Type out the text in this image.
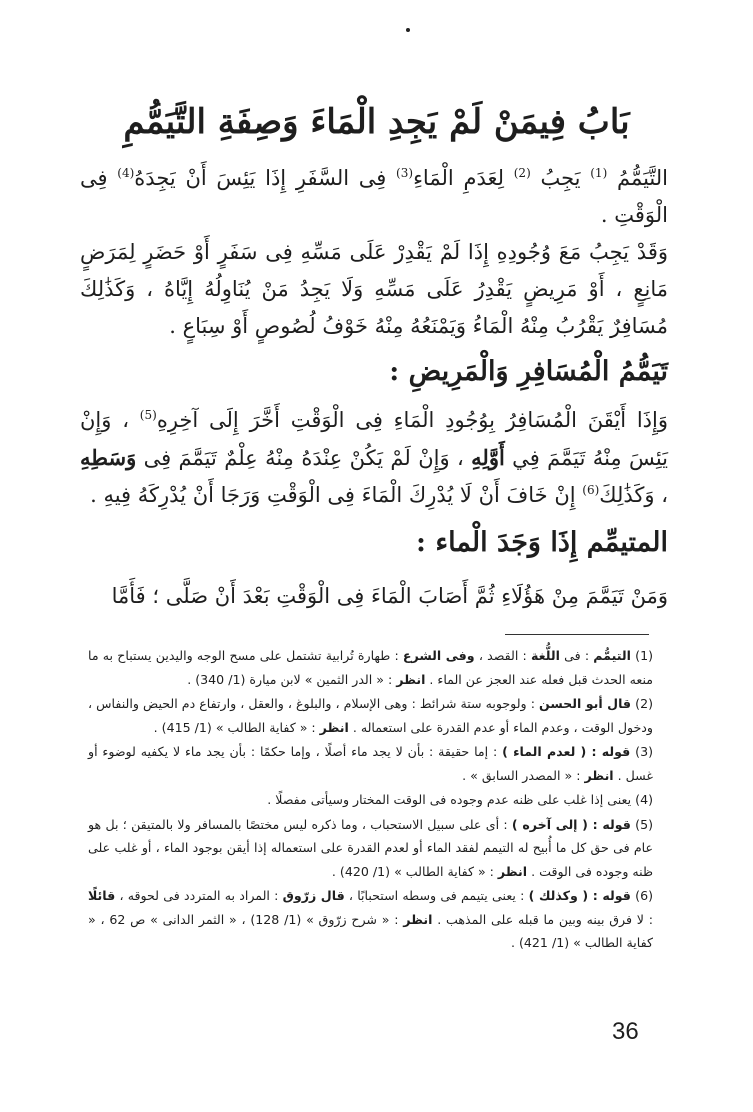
بَابُ فِيمَنْ لَمْ يَجِدِ الْمَاءَ وَصِفَةِ التَّيَمُّمِ
التَّيَمُّمُ $^{(1)}$ يَجِبُ $^{(2)}$ لِعَدَمِ الْمَاءِ$^{(3)}$ فِى السَّفَرِ إِذَا يَئِسَ أَنْ يَجِدَهُ$^{(4)}$ فِى الْوَقْتِ .
وَقَدْ يَجِبُ مَعَ وُجُودِهِ إِذَا لَمْ يَقْدِرْ عَلَى مَسِّهِ فِى سَفَرٍ أَوْ حَضَرٍ لِمَرَضٍ مَانِعٍ ، أَوْ مَرِيضٍ يَقْدِرُ عَلَى مَسِّهِ وَلَا يَجِدُ مَنْ يُنَاوِلُهُ إِيَّاهُ ، وَكَذَٰلِكَ مُسَافِرٌ يَقْرُبُ مِنْهُ الْمَاءُ وَيَمْنَعُهُ مِنْهُ خَوْفُ لُصُوصٍ أَوْ سِبَاعٍ .
تَيَمُّمُ الْمُسَافِرِ وَالْمَرِيضِ :
وَإِذَا أَيْقَنَ الْمُسَافِرُ بِوُجُودِ الْمَاءِ فِى الْوَقْتِ أَخَّرَ إِلَى آخِرِهِ$^{(5)}$ ، وَإِنْ يَئِسَ مِنْهُ تَيَمَّمَ فِي أَوَّلِهِ ، وَإِنْ لَمْ يَكُنْ عِنْدَهُ مِنْهُ عِلْمٌ تَيَمَّمَ فِى وَسَطِهِ ، وَكَذَٰلِكَ$^{(6)}$ إِنْ خَافَ أَنْ لَا يُدْرِكَ الْمَاءَ فِى الْوَقْتِ وَرَجَا أَنْ يُدْرِكَهُ فِيهِ .
المتيمِّم إِذَا وَجَدَ الْماء :
وَمَنْ تَيَمَّمَ مِنْ هَؤُلَاءِ ثُمَّ أَصَابَ الْمَاءَ فِى الْوَقْتِ بَعْدَ أَنْ صَلَّى ؛ فَأَمَّا
(1) التيمُّم : فى اللُّغة : القصد ، وفى الشرع : طهارة تُرابية تشتمل على مسح الوجه واليدين يستباح به ما منعه الحدث قبل فعله عند العجز عن الماء . انظر : « الدر الثمين » لابن ميارة (1/ 340) .
(2) قال أبو الحسن : ولوجوبه ستة شرائط : وهى الإسلام ، والبلوغ ، والعقل ، وارتفاع دم الحيض والنفاس ، ودخول الوقت ، وعدم الماء أو عدم القدرة على استعماله . انظر : « كفاية الطالب » (1/ 415) .
(3) قوله : ( لعدم الماء ) : إما حقيقة : بأن لا يجد ماء أصلًا ، وإما حكمًا : بأن يجد ماء لا يكفيه لوضوء أو غسل . انظر : « المصدر السابق » .
(4) يعنى إذا غلب على ظنه عدم وجوده فى الوقت المختار وسيأتى مفصلًا .
(5) قوله : ( إلى آخره ) : أى على سبيل الاستحباب ، وما ذكره ليس مختصًا بالمسافر ولا بالمتيقن ؛ بل هو عام فى حق كل ما أُبيح له التيمم لفقد الماء أو لعدم القدرة على استعماله إذا أيقن بوجود الماء ، أو غلب على ظنه وجوده فى الوقت . انظر : « كفاية الطالب » (1/ 420) .
(6) قوله : ( وكذلك ) : يعنى يتيمم فى وسطه استحبابًا ، قال زرّوق : المراد به المتردد فى لحوقه ، قائلًا : لا فرق بينه وبين ما قبله على المذهب . انظر : « شرح زرّوق » (1/ 128) ، « الثمر الدانى » ص 62 ، « كفاية الطالب » (1/ 421) .
36
